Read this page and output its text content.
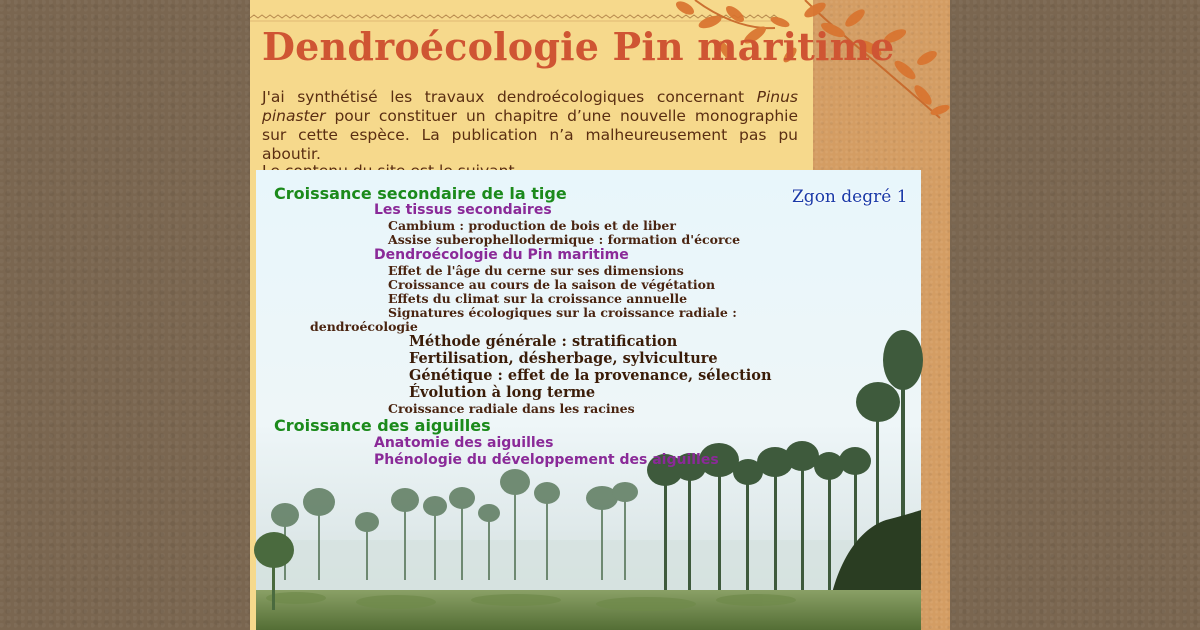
Dendroécologie Pin maritime

J'ai synthétisé les travaux dendroécologiques concernant Pinus pinaster pour constituer un chapitre d’une nouvelle monographie sur cette espèce. La publication n’a malheureusement pas pu aboutir.

Zgon degré 1
Croissance secondaire de la tige
Les tissus secondaires
Cambium : production de bois et de liber
Assise suberophellodermique : formation d'écorce
Dendroécologie du Pin maritime
Effet de l'âge du cerne sur ses dimensions
Croissance au cours de la saison de végétation
Effets du climat sur la croissance annuelle
Signatures écologiques sur la croissance radiale :
dendroécologie
Méthode générale : stratification
Fertilisation, désherbage, sylviculture
Génétique : effet de la provenance, sélection
Évolution à long terme
Croissance radiale dans les racines
Croissance des aiguilles
Anatomie des aiguilles
Phénologie du développement des aiguilles
